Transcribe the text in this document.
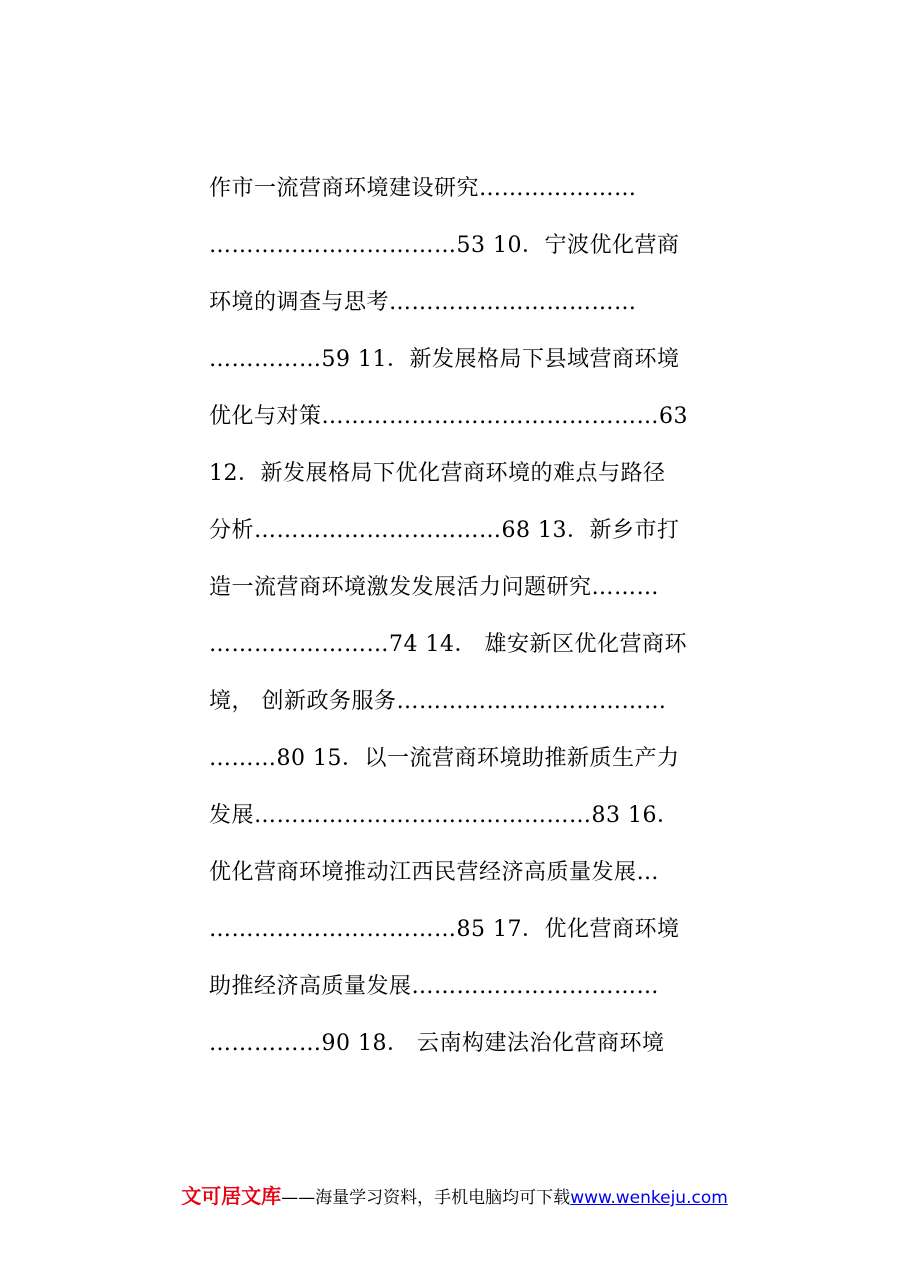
作市一流营商环境建设研究…………………
……………………………53 10．宁波优化营商
环境的调查与思考……………………………
……………59 11．新发展格局下县域营商环境
优化与对策………………………………………63
12．新发展格局下优化营商环境的难点与路径
分析……………………………68 13．新乡市打
造一流营商环境激发发展活力问题研究………
……………………74 14． 雄安新区优化营商环
境， 创新政务服务………………………………
………80 15．以一流营商环境助推新质生产力
发展………………………………………83 16．
优化营商环境推动江西民营经济高质量发展…
……………………………85 17．优化营商环境
助推经济高质量发展……………………………
……………90 18． 云南构建法治化营商环境
文可居文库——海量学习资料，手机电脑均可下载www.wenkeju.com
